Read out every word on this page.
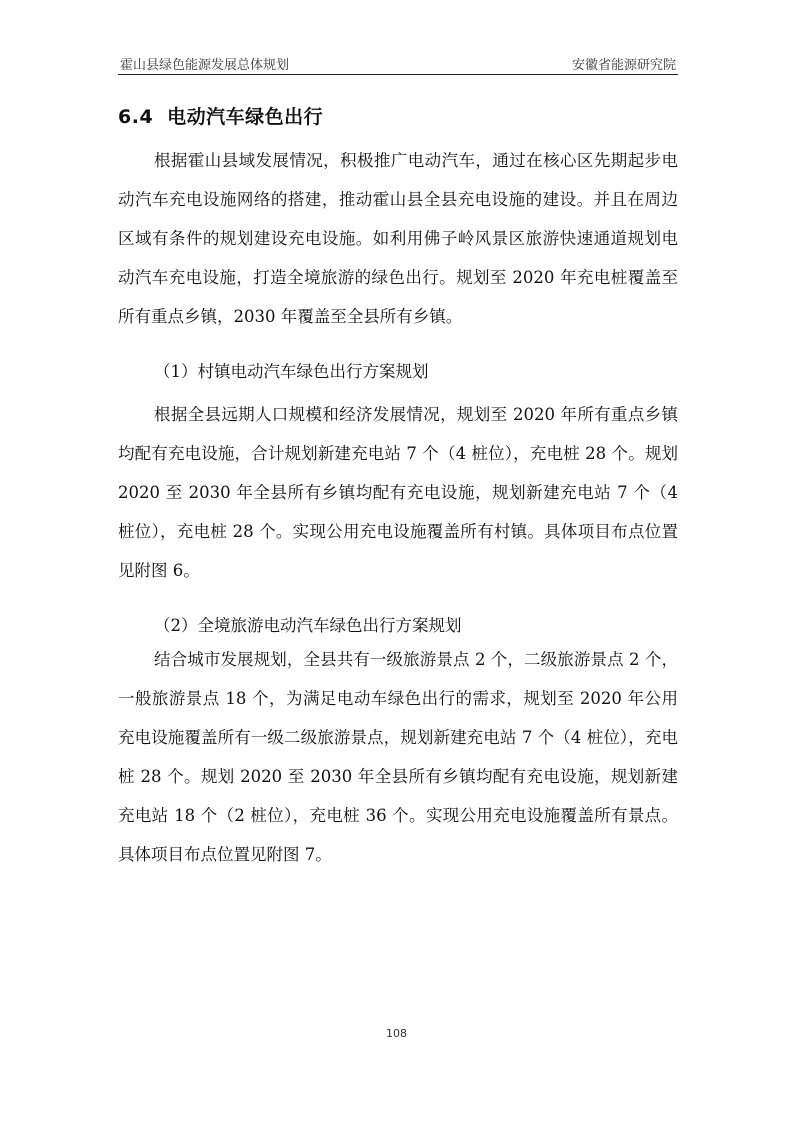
霍山县绿色能源发展总体规划	安徽省能源研究院
6.4 电动汽车绿色出行
根据霍山县域发展情况，积极推广电动汽车，通过在核心区先期起步电动汽车充电设施网络的搭建，推动霍山县全县充电设施的建设。并且在周边区域有条件的规划建设充电设施。如利用佛子岭风景区旅游快速通道规划电动汽车充电设施，打造全境旅游的绿色出行。规划至 2020 年充电桩覆盖至所有重点乡镇，2030 年覆盖至全县所有乡镇。
（1）村镇电动汽车绿色出行方案规划
根据全县远期人口规模和经济发展情况，规划至 2020 年所有重点乡镇均配有充电设施，合计规划新建充电站 7 个（4 桩位），充电桩 28 个。规划 2020 至 2030 年全县所有乡镇均配有充电设施，规划新建充电站 7 个（4 桩位），充电桩 28 个。实现公用充电设施覆盖所有村镇。具体项目布点位置见附图 6。
（2）全境旅游电动汽车绿色出行方案规划
结合城市发展规划，全县共有一级旅游景点 2 个，二级旅游景点 2 个，一般旅游景点 18 个，为满足电动车绿色出行的需求，规划至 2020 年公用充电设施覆盖所有一级二级旅游景点，规划新建充电站 7 个（4 桩位），充电桩 28 个。规划 2020 至 2030 年全县所有乡镇均配有充电设施，规划新建充电站 18 个（2 桩位），充电桩 36 个。实现公用充电设施覆盖所有景点。具体项目布点位置见附图 7。
108
